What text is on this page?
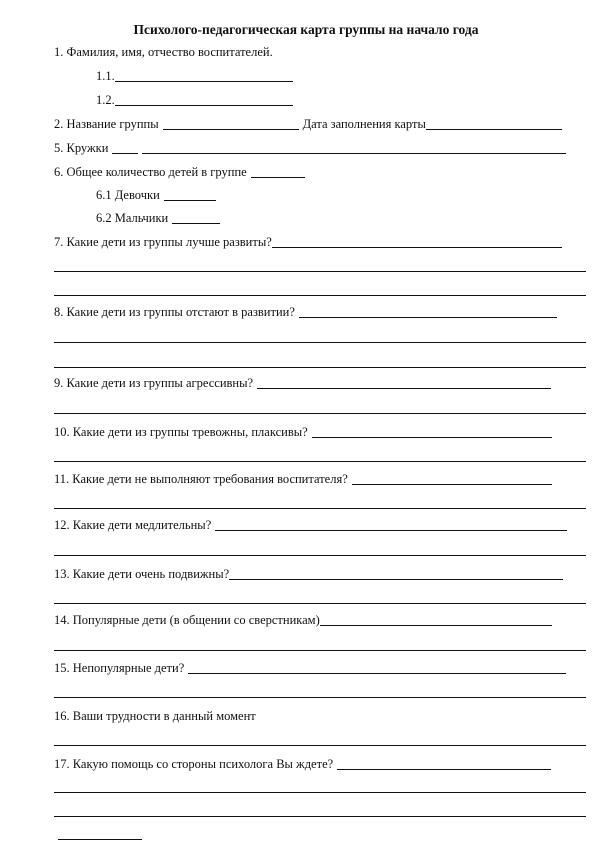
Психолого-педагогическая карта группы на начало года
1. Фамилия, имя, отчество воспитателей.
1.1.
1.2.
2. Название группы	Дата заполнения карты
5. Кружки
6. Общее количество детей в группе
6.1 Девочки
6.2 Мальчики
7. Какие дети из группы лучше развиты?
8. Какие дети из группы отстают в развитии?
9. Какие дети из группы агрессивны?
10. Какие дети из группы тревожны, плаксивы?
11. Какие дети не выполняют требования воспитателя?
12. Какие дети медлительны?
13. Какие дети очень подвижны?
14. Популярные дети (в общении со сверстникам)
15. Непопулярные дети?
16. Ваши трудности в данный момент
17. Какую помощь со стороны психолога Вы ждете?
